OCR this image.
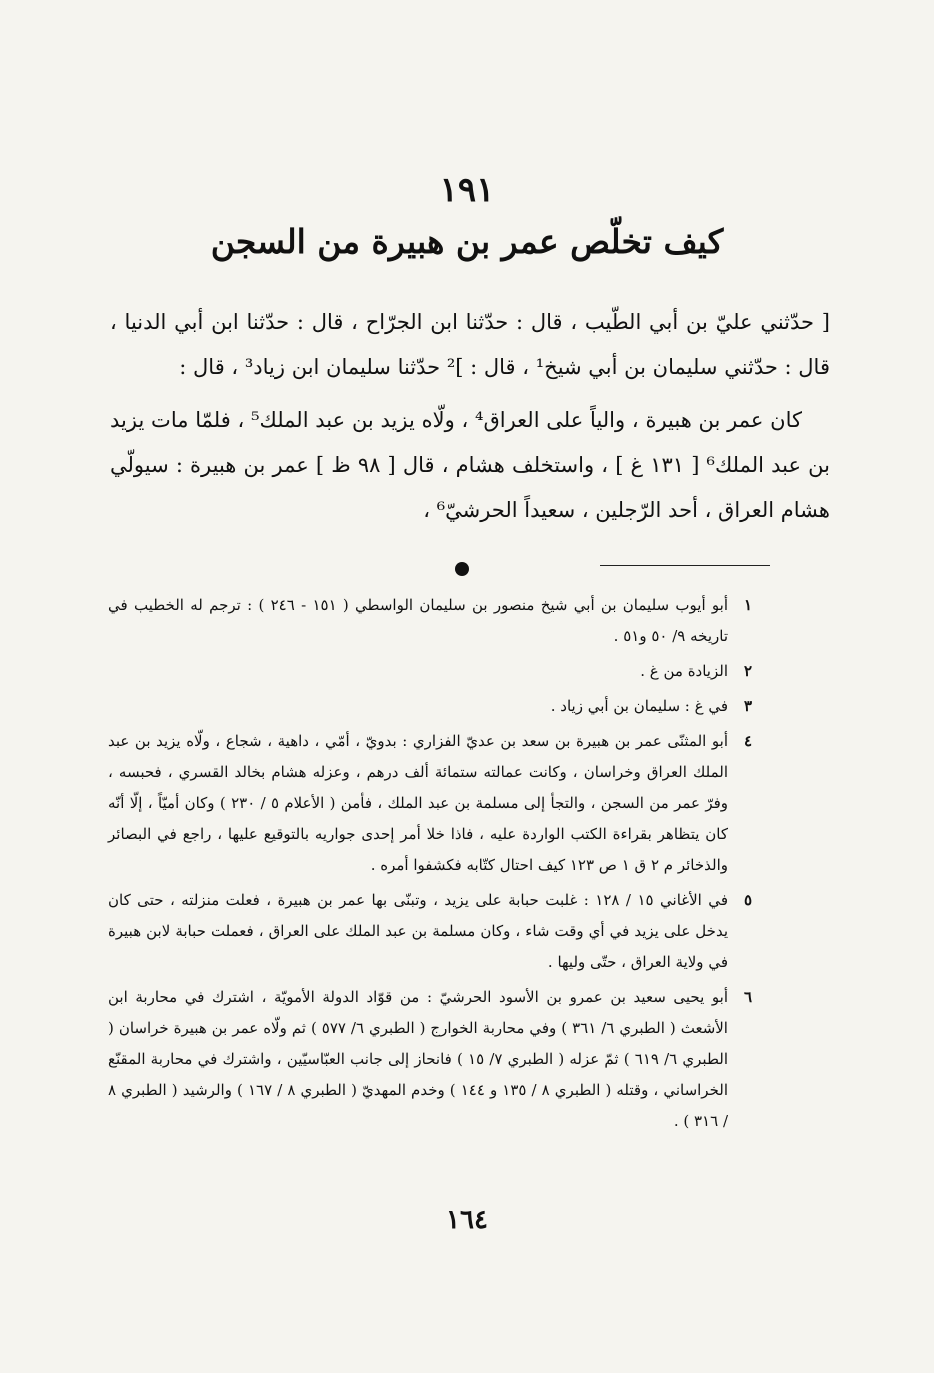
١٩١
كيف تخلّص عمر بن هبيرة من السجن

[ حدّثني عليّ بن أبي الطّيب ، قال : حدّثنا ابن الجرّاح ، قال : حدّثنا ابن أبي الدنيا ، قال : حدّثني سليمان بن أبي شيخ¹ ، قال : ]² حدّثنا سليمان ابن زياد³ ، قال :

كان عمر بن هبيرة ، والياً على العراق⁴ ، ولّاه يزيد بن عبد الملك⁵ ، فلمّا مات يزيد بن عبد الملك⁶ [ ١٣١ غ ] ، واستخلف هشام ، قال [ ٩٨ ظ ] عمر بن هبيرة : سيولّي هشام العراق ، أحد الرّجلين ، سعيداً الحرشيّ⁶ ،

١
أبو أيوب سليمان بن أبي شيخ منصور بن سليمان الواسطي ( ١٥١ - ٢٤٦ ) : ترجم له الخطيب في تاريخه ٩/ ٥٠ و٥١ .
٢
الزيادة من غ .
٣
في غ : سليمان بن أبي زياد .
٤
أبو المثنّى عمر بن هبيرة بن سعد بن عديّ الفزاري : بدويّ ، أمّي ، داهية ، شجاع ، ولّاه يزيد بن عبد الملك العراق وخراسان ، وكانت عمالته ستمائة ألف درهم ، وعزله هشام بخالد القسري ، فحبسه ، وفرّ عمر من السجن ، والتجأ إلى مسلمة بن عبد الملك ، فأمن ( الأعلام ٥ / ٢٣٠ ) وكان أميّاً ، إلّا أنّه كان يتظاهر بقراءة الكتب الواردة عليه ، فاذا خلا أمر إحدى جواريه بالتوقيع عليها ، راجع في البصائر والذخائر م ٢ ق ١ ص ١٢٣ كيف احتال كتّابه فكشفوا أمره .
٥
في الأغاني ١٥ / ١٢٨ : غلبت حبابة على يزيد ، وتبنّى بها عمر بن هبيرة ، فعلت منزلته ، حتى كان يدخل على يزيد في أي وقت شاء ، وكان مسلمة بن عبد الملك على العراق ، فعملت حبابة لابن هبيرة في ولاية العراق ، حتّى وليها .
٦
أبو يحيى سعيد بن عمرو بن الأسود الحرشيّ : من قوّاد الدولة الأمويّة ، اشترك في محاربة ابن الأشعث ( الطبري ٦/ ٣٦١ ) وفي محاربة الخوارج ( الطبري ٦/ ٥٧٧ ) ثم ولّاه عمر بن هبيرة خراسان ( الطبري ٦/ ٦١٩ ) ثمّ عزله ( الطبري ٧/ ١٥ ) فانحاز إلى جانب العبّاسيّين ، واشترك في محاربة المقنّع الخراساني ، وقتله ( الطبري ٨ / ١٣٥ و ١٤٤ ) وخدم المهديّ ( الطبري ٨ / ١٦٧ ) والرشيد ( الطبري ٨ / ٣١٦ ) .
١٦٤
